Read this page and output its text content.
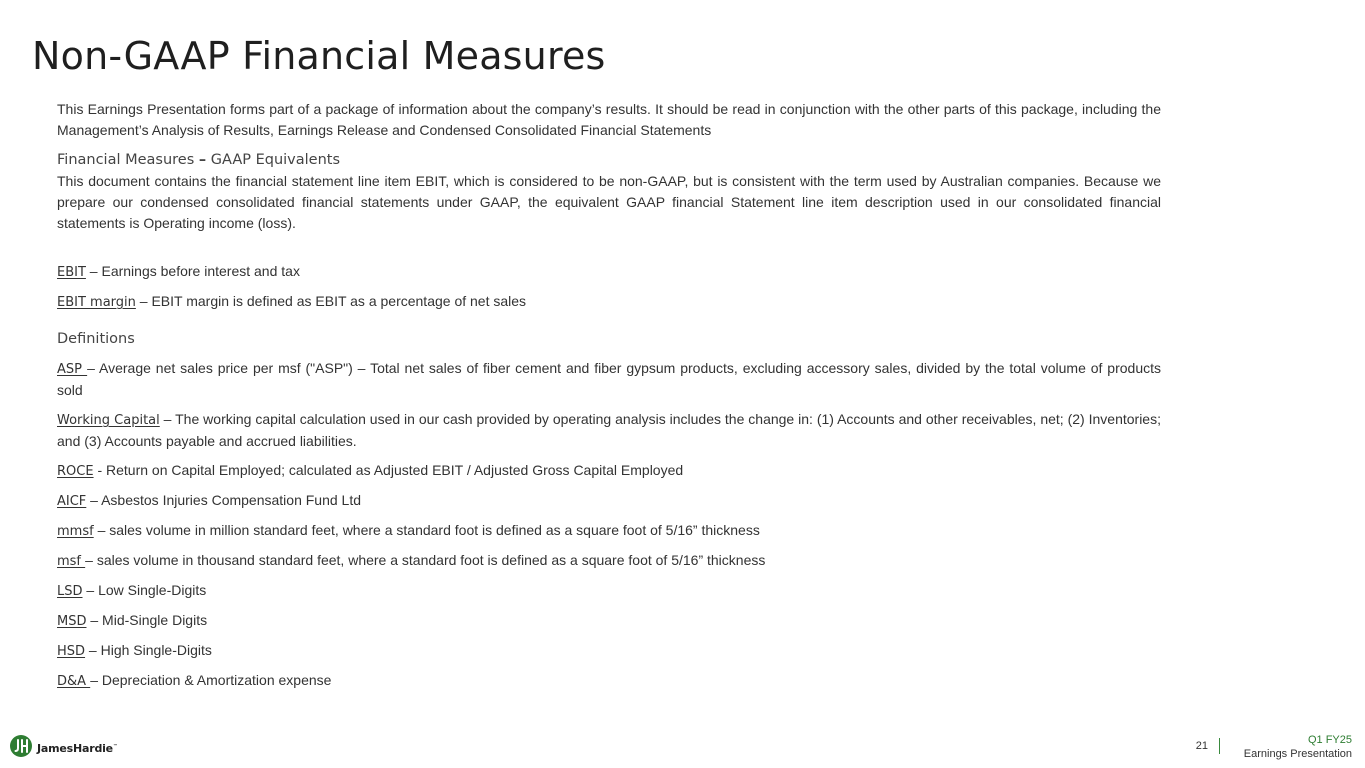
Non-GAAP Financial Measures

This Earnings Presentation forms part of a package of information about the company’s results. It should be read in conjunction with the other parts of this package, including the Management’s Analysis of Results, Earnings Release and Condensed Consolidated Financial Statements

Financial Measures – GAAP Equivalents

This document contains the financial statement line item EBIT, which is considered to be non-GAAP, but is consistent with the term used by Australian companies. Because we prepare our condensed consolidated financial statements under GAAP, the equivalent GAAP financial Statement line item description used in our consolidated financial statements is Operating income (loss).

EBIT – Earnings before interest and tax

EBIT margin – EBIT margin is defined as EBIT as a percentage of net sales

Definitions

ASP – Average net sales price per msf ("ASP") – Total net sales of fiber cement and fiber gypsum products, excluding accessory sales, divided by the total volume of products sold

Working Capital – The working capital calculation used in our cash provided by operating analysis includes the change in: (1) Accounts and other receivables, net; (2) Inventories; and (3) Accounts payable and accrued liabilities.

ROCE - Return on Capital Employed; calculated as Adjusted EBIT / Adjusted Gross Capital Employed

AICF – Asbestos Injuries Compensation Fund Ltd

mmsf – sales volume in million standard feet, where a standard foot is defined as a square foot of 5/16” thickness

msf – sales volume in thousand standard feet, where a standard foot is defined as a square foot of 5/16” thickness

LSD – Low Single-Digits

MSD – Mid-Single Digits

HSD – High Single-Digits

D&A – Depreciation & Amortization expense

JamesHardie™	21	Q1 FY25
Earnings Presentation
